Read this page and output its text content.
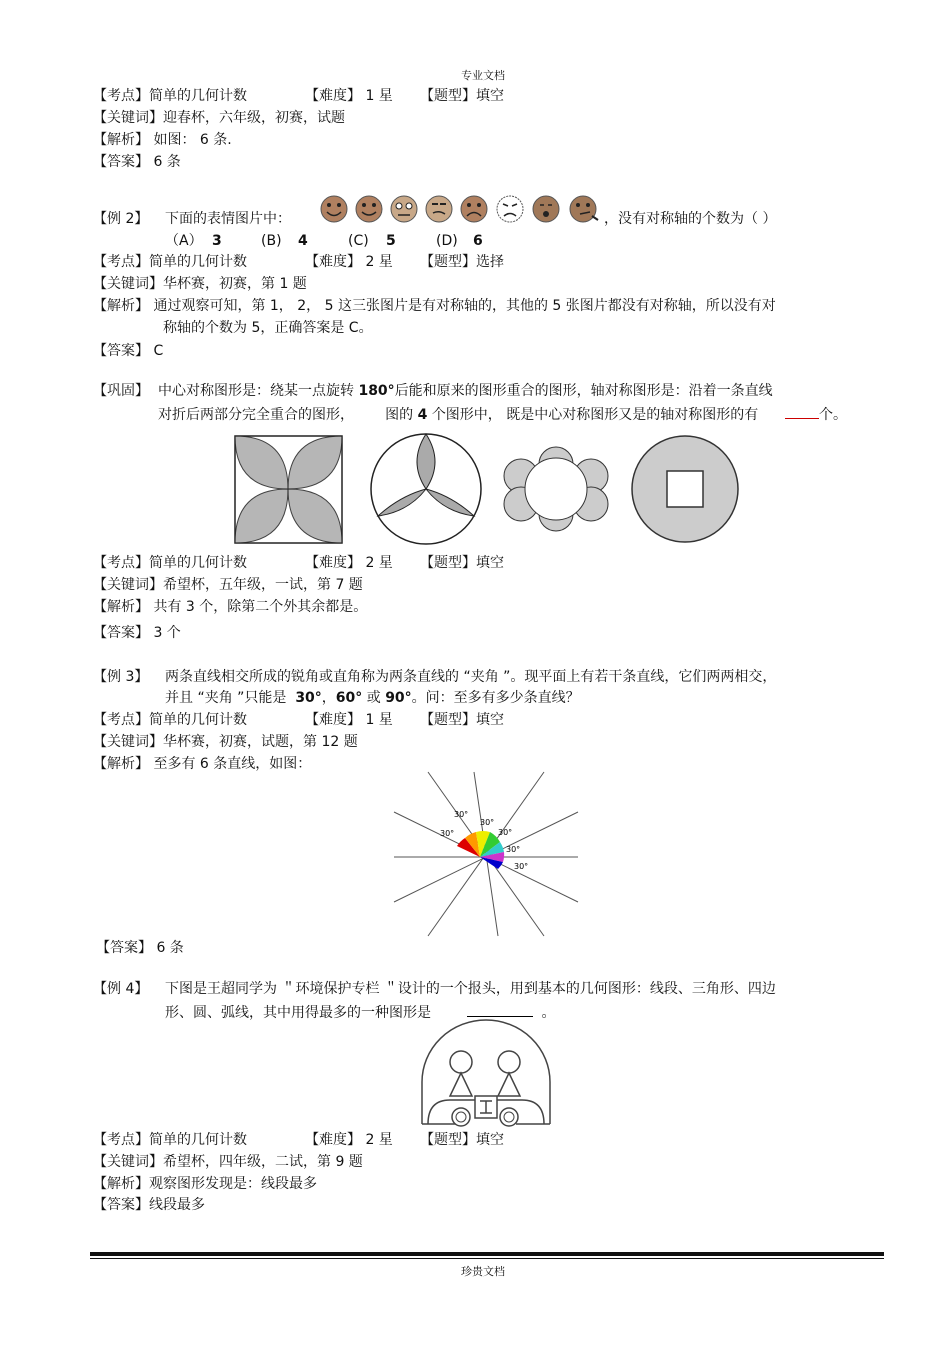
专业文档
【考点】简单的几何计数	【难度】 1 星 【题型】填空
【关键词】迎春杯，六年级，初赛，试题
【解析】 如图： 6 条.
【答案】 6 条
【例 2】 下面的表情图片中：	，没有对称轴的个数为（ ）
（A） 3	(B) 4	(C) 5	(D) 6
【考点】简单的几何计数	【难度】 2 星 【题型】选择
【关键词】华杯赛，初赛，第 1 题
【解析】 通过观察可知，第 1， 2， 5 这三张图片是有对称轴的，其他的 5 张图片都没有对称轴，所以没有对
称轴的个数为 5，正确答案是 C。
【答案】 C
【巩固】 中心对称图形是：绕某一点旋转 180°后能和原来的图形重合的图形，轴对称图形是：沿着一条直线
对折后两部分完全重合的图形， 图的 4 个图形中， 既是中心对称图形又是的轴对称图形的有	个。
【考点】简单的几何计数	【难度】 2 星 【题型】填空
【关键词】希望杯，五年级，一试，第 7 题
【解析】 共有 3 个，除第二个外其余都是。
【答案】 3 个
【例 3】 两条直线相交所成的锐角或直角称为两条直线的 “夹角 ”。现平面上有若干条直线，它们两两相交，
并且 “夹角 ”只能是 30°，60° 或 90°。问：至多有多少条直线？
【考点】简单的几何计数	【难度】 1 星 【题型】填空
【关键词】华杯赛，初赛，试题，第 12 题
【解析】 至多有 6 条直线，如图：
30°
30°
30°
30°
30°
30°
【答案】 6 条
【例 4】 下图是王超同学为 ＂环境保护专栏 ＂设计的一个报头，用到基本的几何图形：线段、三角形、四边
形、圆、弧线，其中用得最多的一种图形是	。
【考点】简单的几何计数	【难度】 2 星 【题型】填空
【关键词】希望杯，四年级，二试，第 9 题
【解析】观察图形发现是：线段最多
【答案】线段最多
珍贵文档
